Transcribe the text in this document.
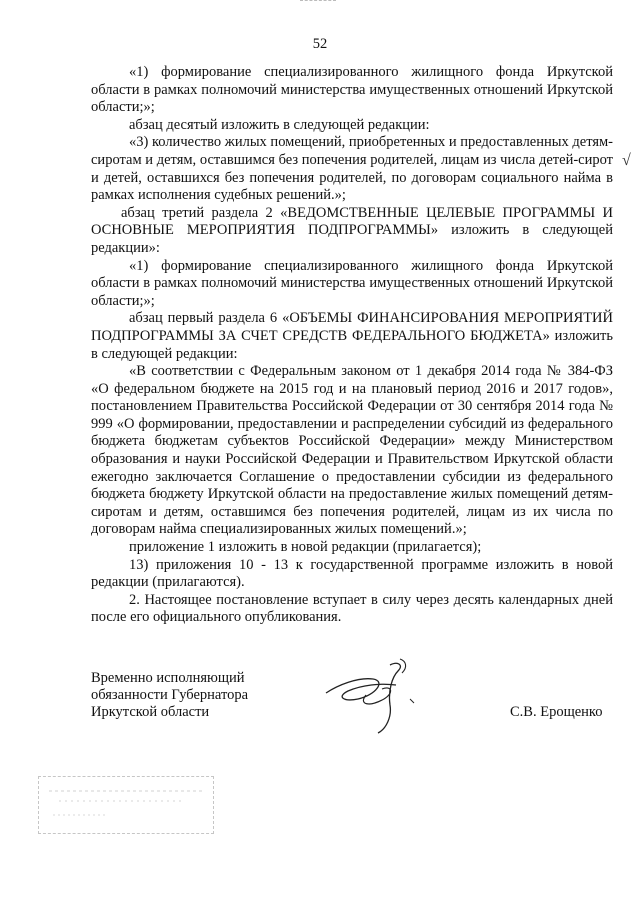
52

«1) формирование специализированного жилищного фонда Иркутской области в рамках полномочий министерства имущественных отношений Иркутской области;»;

абзац десятый изложить в следующей редакции:

«3) количество жилых помещений, приобретенных и предоставленных детям-сиротам и детям, оставшимся без попечения родителей, лицам из числа детей-сирот и детей, оставшихся без попечения родителей, по договорам социального найма в рамках исполнения судебных решений.»;

абзац третий раздела 2 «ВЕДОМСТВЕННЫЕ ЦЕЛЕВЫЕ ПРОГРАММЫ И ОСНОВНЫЕ МЕРОПРИЯТИЯ ПОДПРОГРАММЫ» изложить в следующей редакции»:

«1) формирование специализированного жилищного фонда Иркутской области в рамках полномочий министерства имущественных отношений Иркутской области;»;

абзац первый раздела 6 «ОБЪЕМЫ ФИНАНСИРОВАНИЯ МЕРОПРИЯТИЙ ПОДПРОГРАММЫ ЗА СЧЕТ СРЕДСТВ ФЕДЕРАЛЬНОГО БЮДЖЕТА» изложить в следующей редакции:

«В соответствии с Федеральным законом от 1 декабря 2014 года № 384-ФЗ «О федеральном бюджете на 2015 год и на плановый период 2016 и 2017 годов», постановлением Правительства Российской Федерации от 30 сентября 2014 года № 999 «О формировании, предоставлении и распределении субсидий из федерального бюджета бюджетам субъектов Российской Федерации» между Министерством образования и науки Российской Федерации и Правительством Иркутской области ежегодно заключается Соглашение о предоставлении субсидии из федерального бюджета бюджету Иркутской области на предоставление жилых помещений детям-сиротам и детям, оставшимся без попечения родителей, лицам из их числа по договорам найма специализированных жилых помещений.»;

приложение 1 изложить в новой редакции (прилагается);

13) приложения 10 - 13 к государственной программе изложить в новой редакции (прилагаются).

2. Настоящее постановление вступает в силу через десять календарных дней после его официального опубликования.

√
Временно исполняющий
обязанности Губернатора
Иркутской области	С.В. Ерощенко
